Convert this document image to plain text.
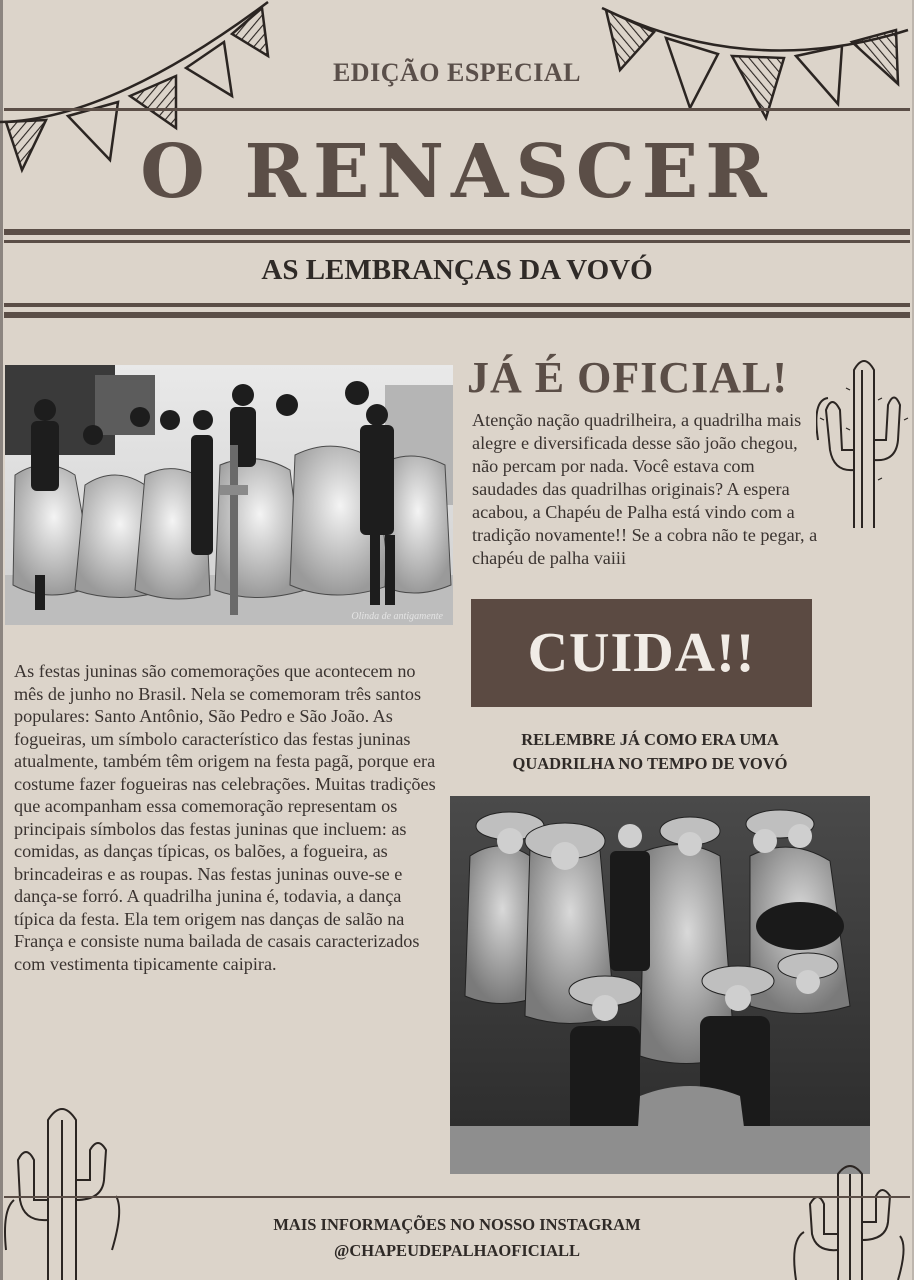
EDIÇÃO ESPECIAL
O RENASCER
AS LEMBRANÇAS DA VOVÓ
Olinda de antigamente
JÁ É OFICIAL!
Atenção nação quadrilheira, a quadrilha mais alegre e diversificada desse são joão chegou, não percam por nada. Você estava com saudades das quadrilhas originais? A espera acabou, a Chapéu de Palha está vindo com a tradição novamente!! Se a cobra não te pegar, a chapéu de palha vaiii
CUIDA!!
RELEMBRE JÁ COMO ERA UMA
QUADRILHA NO TEMPO DE VOVÓ
As festas juninas são comemorações que acontecem no mês de junho no Brasil. Nela se comemoram três santos populares: Santo Antônio, São Pedro e São João. As fogueiras, um símbolo característico das festas juninas atualmente, também têm origem na festa pagã, porque era costume fazer fogueiras nas celebrações. Muitas tradições que acompanham essa comemoração representam os principais símbolos das festas juninas que incluem: as comidas, as danças típicas, os balões, a fogueira, as brincadeiras e as roupas. Nas festas juninas ouve-se e dança-se forró. A quadrilha junina é, todavia, a dança típica da festa. Ela tem origem nas danças de salão na França e consiste numa bailada de casais caracterizados com vestimenta tipicamente caipira.
MAIS INFORMAÇÕES NO NOSSO INSTAGRAM
@CHAPEUDEPALHAOFICIALL
